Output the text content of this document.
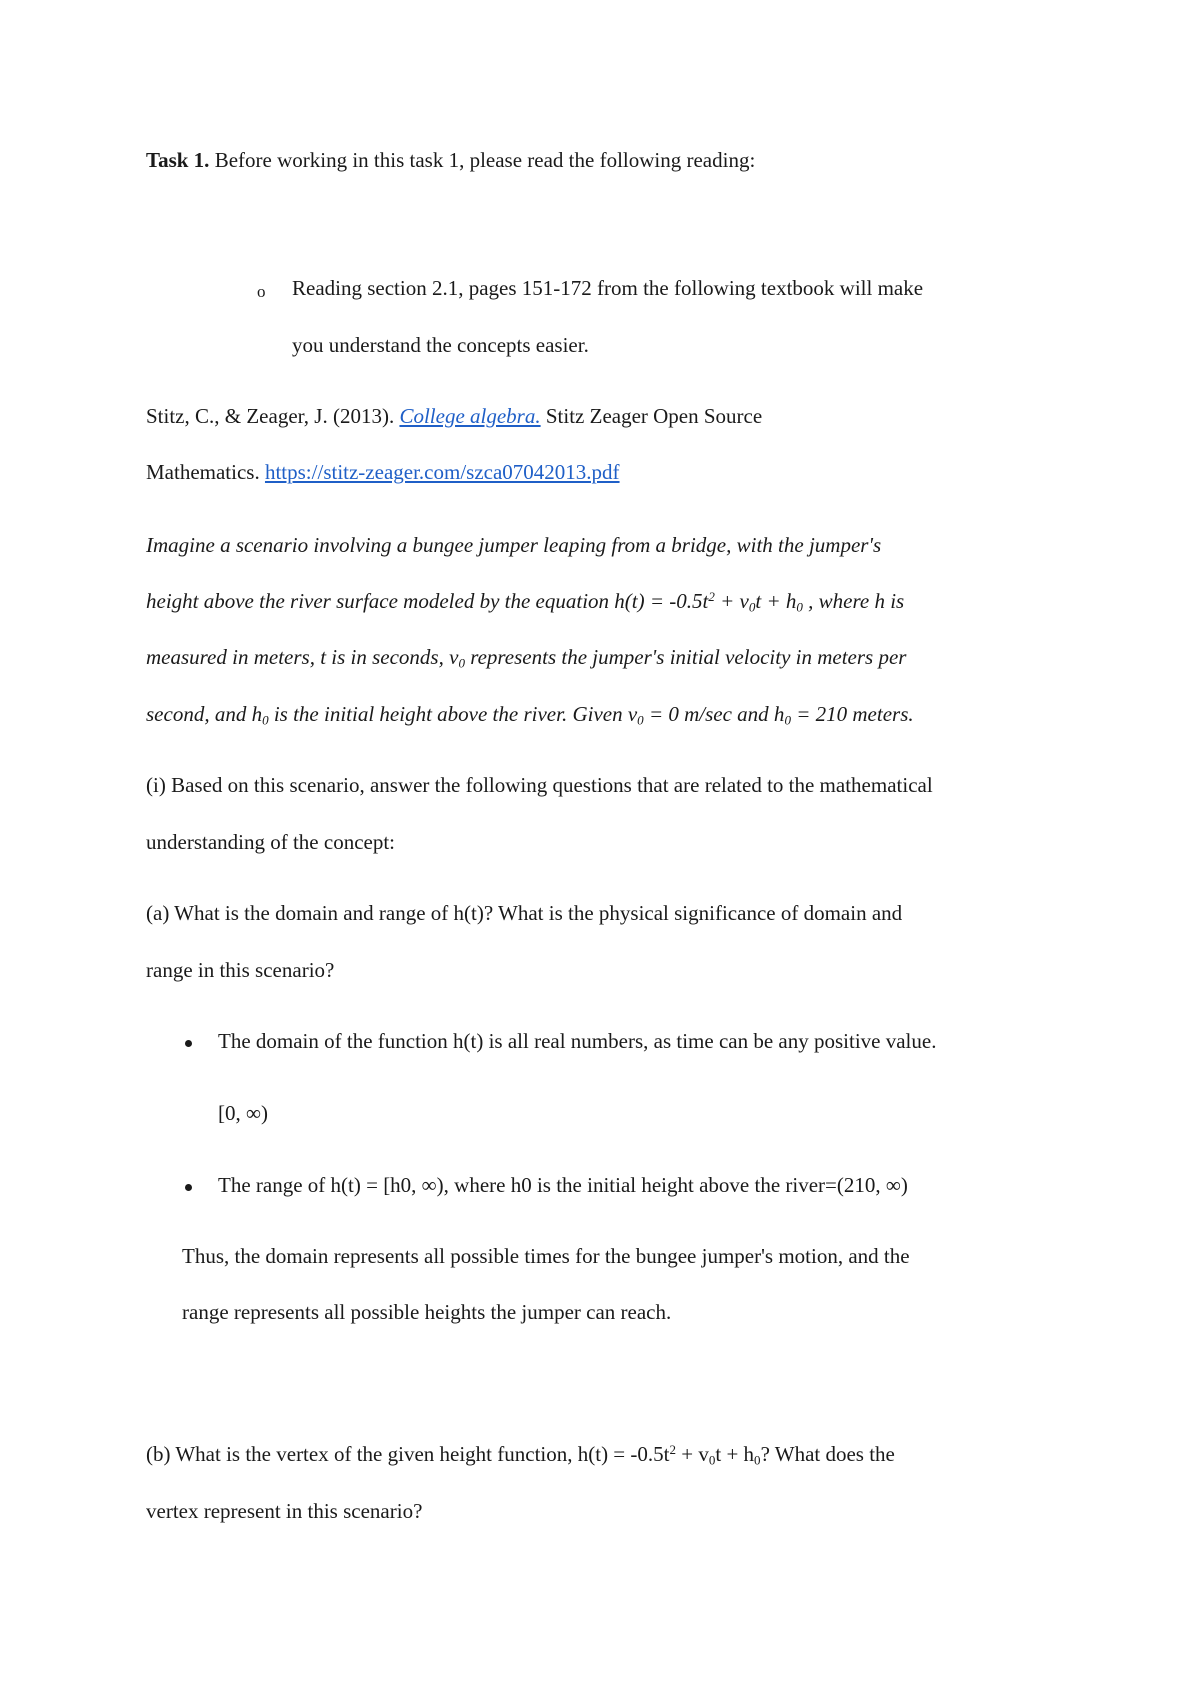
Task 1. Before working in this task 1, please read the following reading:
o Reading section 2.1, pages 151-172 from the following textbook will make
you understand the concepts easier.
Stitz, C., & Zeager, J. (2013). College algebra. Stitz Zeager Open Source
Mathematics. https://stitz-zeager.com/szca07042013.pdf
Imagine a scenario involving a bungee jumper leaping from a bridge, with the jumper's
height above the river surface modeled by the equation $h(t) = -0.5t^2 + v_0t + h_0$ , where h is
measured in meters, t is in seconds, $v_0$ represents the jumper's initial velocity in meters per
second, and $h_0$ is the initial height above the river. Given $v_0 = 0$ m/sec and $h_0 = 210$ meters.
(i) Based on this scenario, answer the following questions that are related to the mathematical
understanding of the concept:
(a) What is the domain and range of h(t)? What is the physical significance of domain and
range in this scenario?
The domain of the function h(t) is all real numbers, as time can be any positive value.
[0, ∞)
The range of h(t) = [h0, ∞), where h0 is the initial height above the river=(210, ∞)
Thus, the domain represents all possible times for the bungee jumper's motion, and the
range represents all possible heights the jumper can reach.
(b) What is the vertex of the given height function, $h(t) = -0.5t^2 + v_0t + h_0$? What does the
vertex represent in this scenario?
